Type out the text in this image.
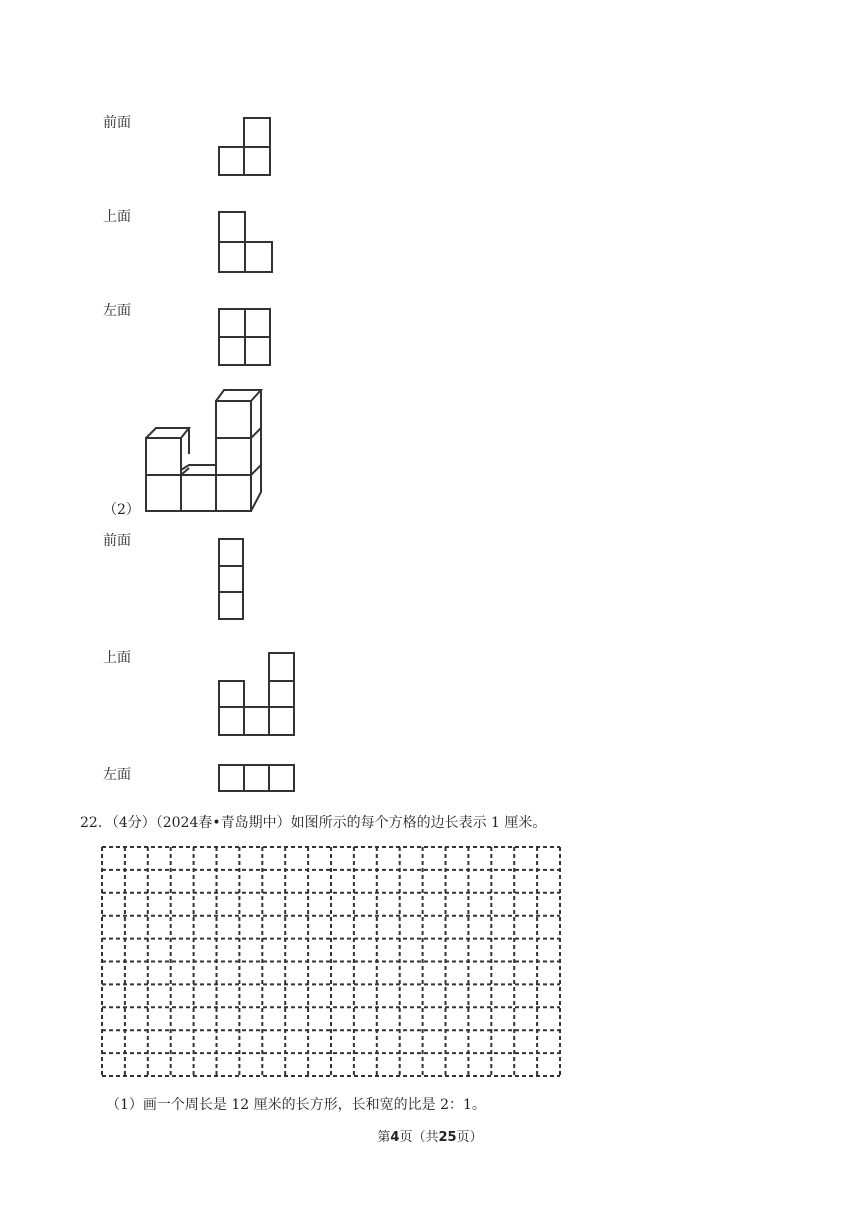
前面
上面
左面
（2）
前面
上面
左面
22．（4分）（2024春•青岛期中）如图所示的每个方格的边长表示 1 厘米。
（1）画一个周长是 12 厘米的长方形，长和宽的比是 2：1。
第4页（共25页）
